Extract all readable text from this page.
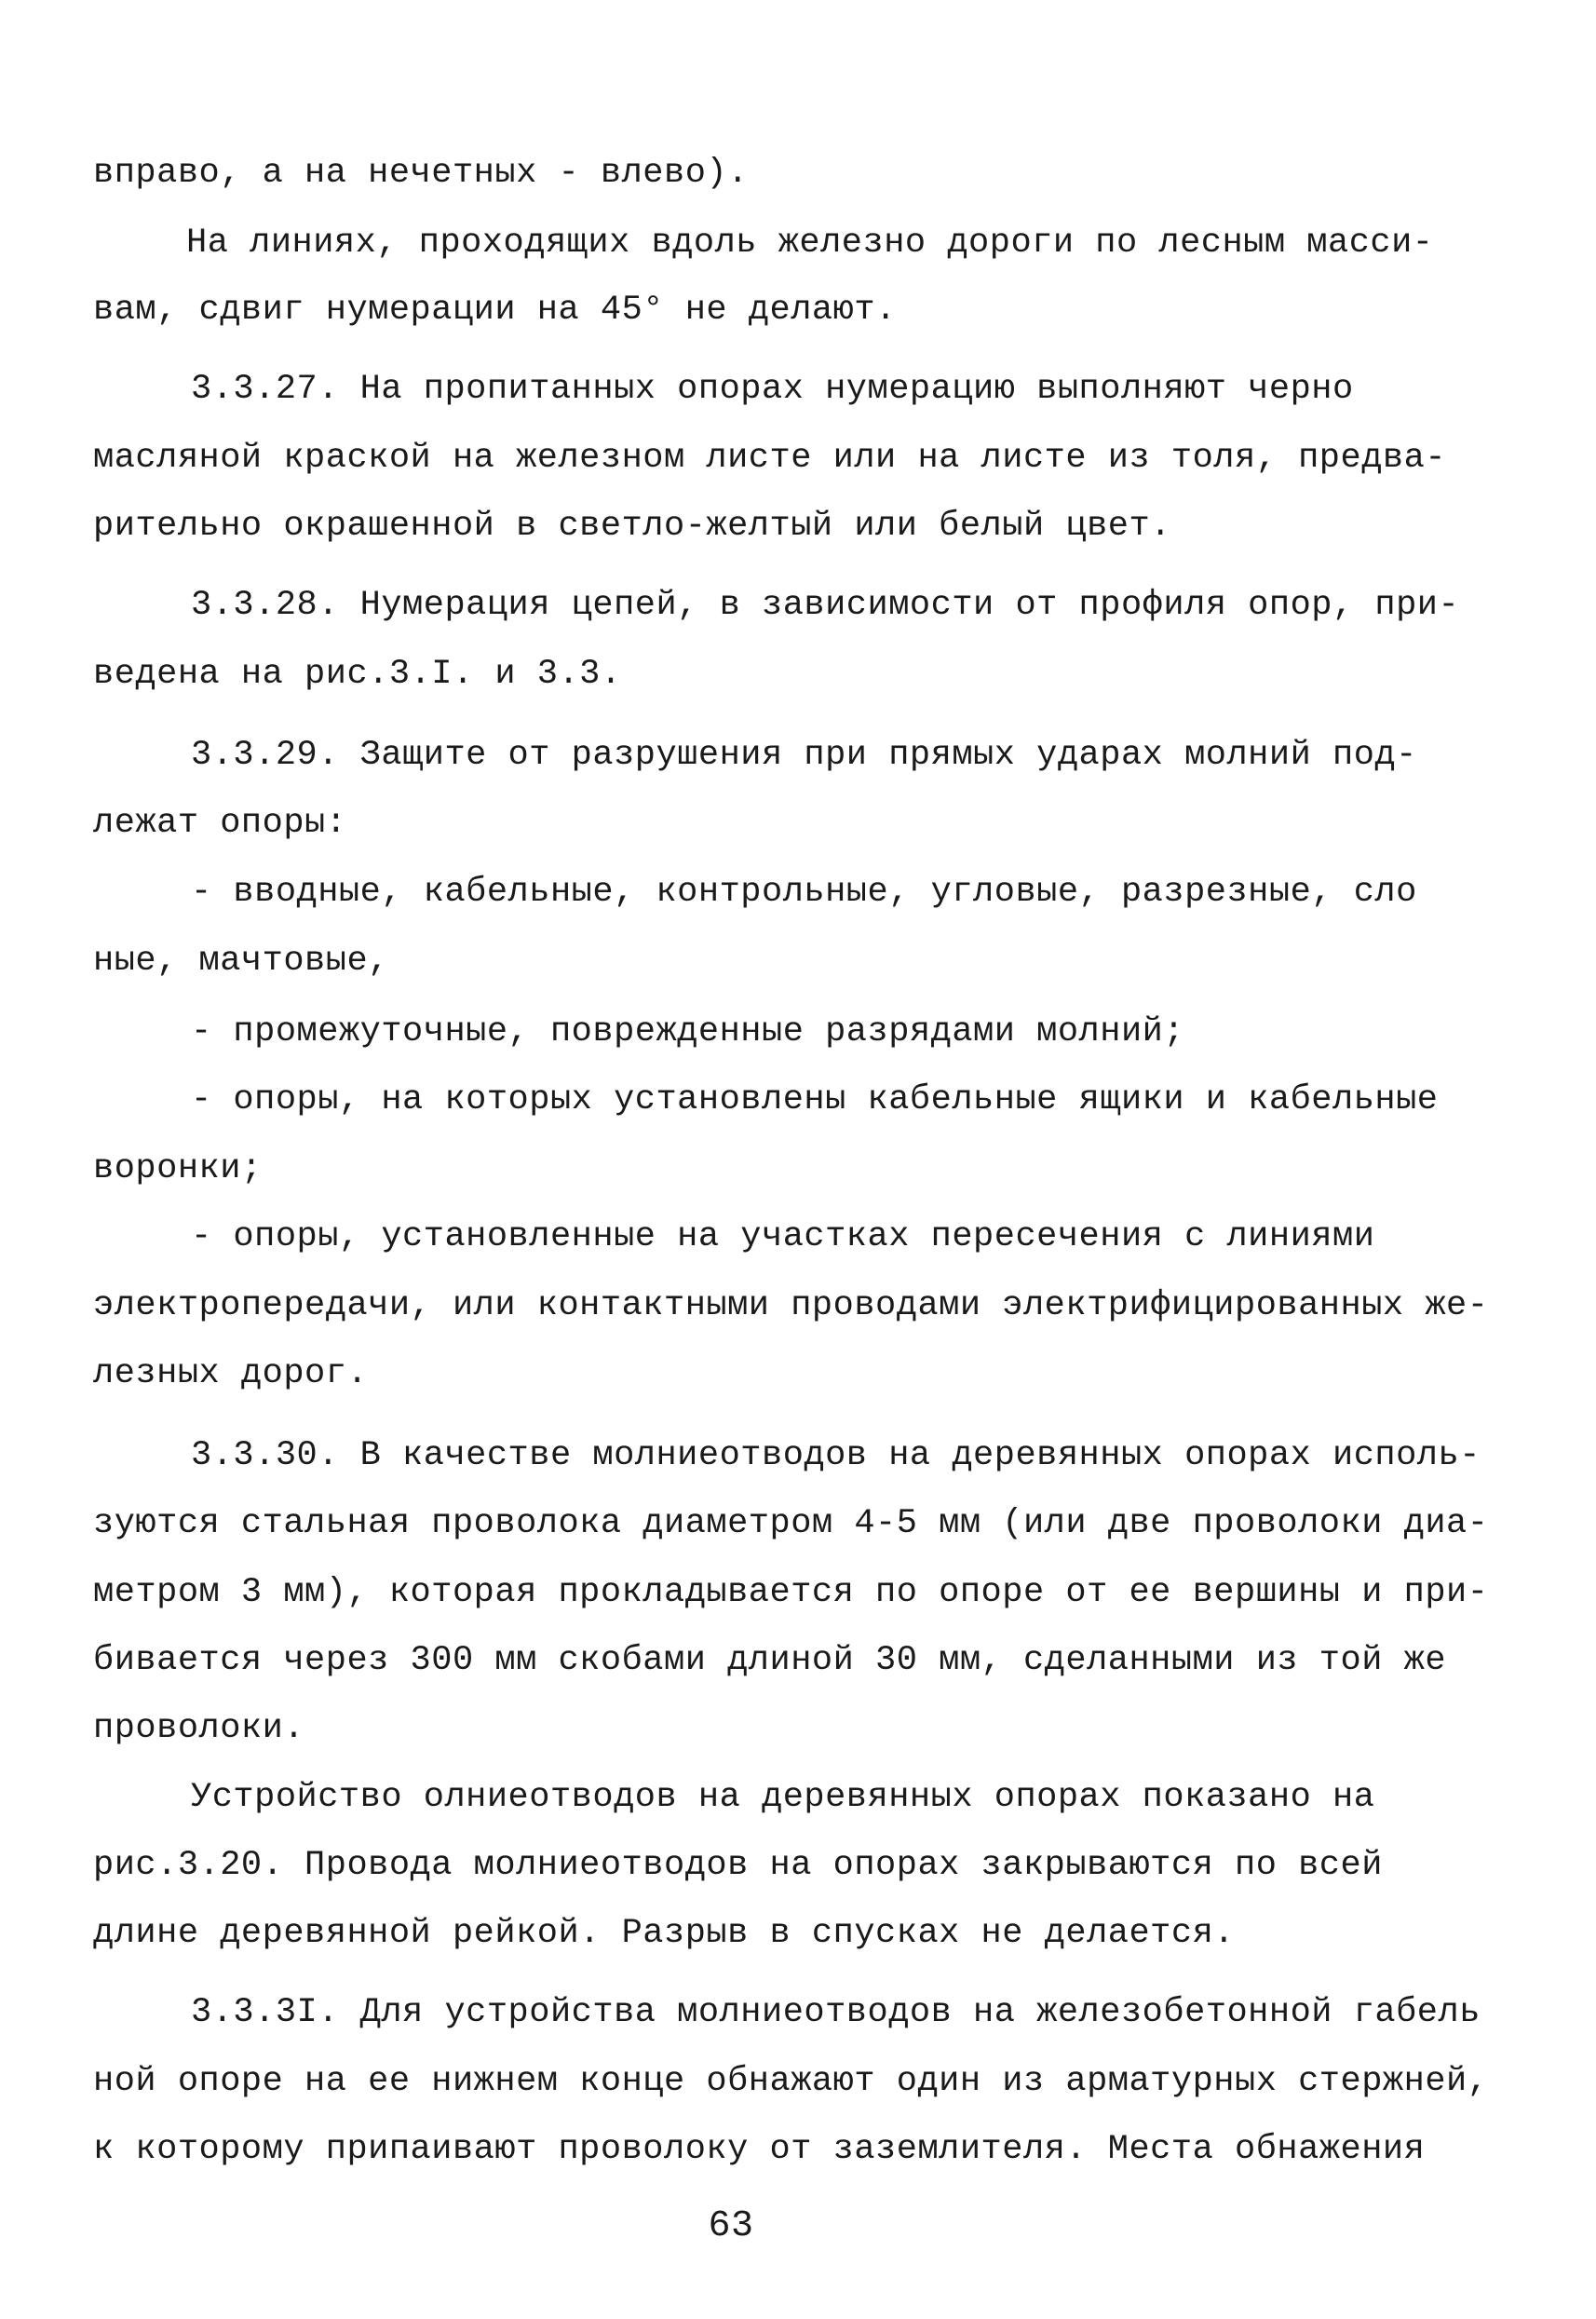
вправо, а на нечетных - влево).
На линиях, проходящих вдоль железно дороги по лесным масси-
вам, сдвиг нумерации на 45° не делают.
3.3.27. На пропитанных опорах нумерацию выполняют черно
масляной краской на железном листе или на листе из толя, предва-
рительно окрашенной в светло-желтый или белый цвет.
3.3.28. Нумерация цепей, в зависимости от профиля опор, при-
ведена на рис.3.I. и 3.3.
3.3.29. Защите от разрушения при прямых ударах молний под-
лежат опоры:
- вводные, кабельные, контрольные, угловые, разрезные, сло
ные, мачтовые,
- промежуточные, поврежденные разрядами молний;
- опоры, на которых установлены кабельные ящики и кабельные
воронки;
- опоры, установленные на участках пересечения с линиями
электропередачи, или контактными проводами электрифицированных же-
лезных дорог.
3.3.30. В качестве молниеотводов на деревянных опорах исполь-
зуются стальная проволока диаметром 4-5 мм (или две проволоки диа-
метром 3 мм), которая прокладывается по опоре от ее вершины и при-
бивается через 300 мм скобами длиной 30 мм, сделанными из той же
проволоки.
Устройство олниеотводов на деревянных опорах показано на
рис.3.20. Провода молниеотводов на опорах закрываются по всей
длине деревянной рейкой. Разрыв в спусках не делается.
3.3.3I. Для устройства молниеотводов на железобетонной габель
ной опоре на ее нижнем конце обнажают один из арматурных стержней,
к которому припаивают проволоку от заземлителя. Места обнажения
63
